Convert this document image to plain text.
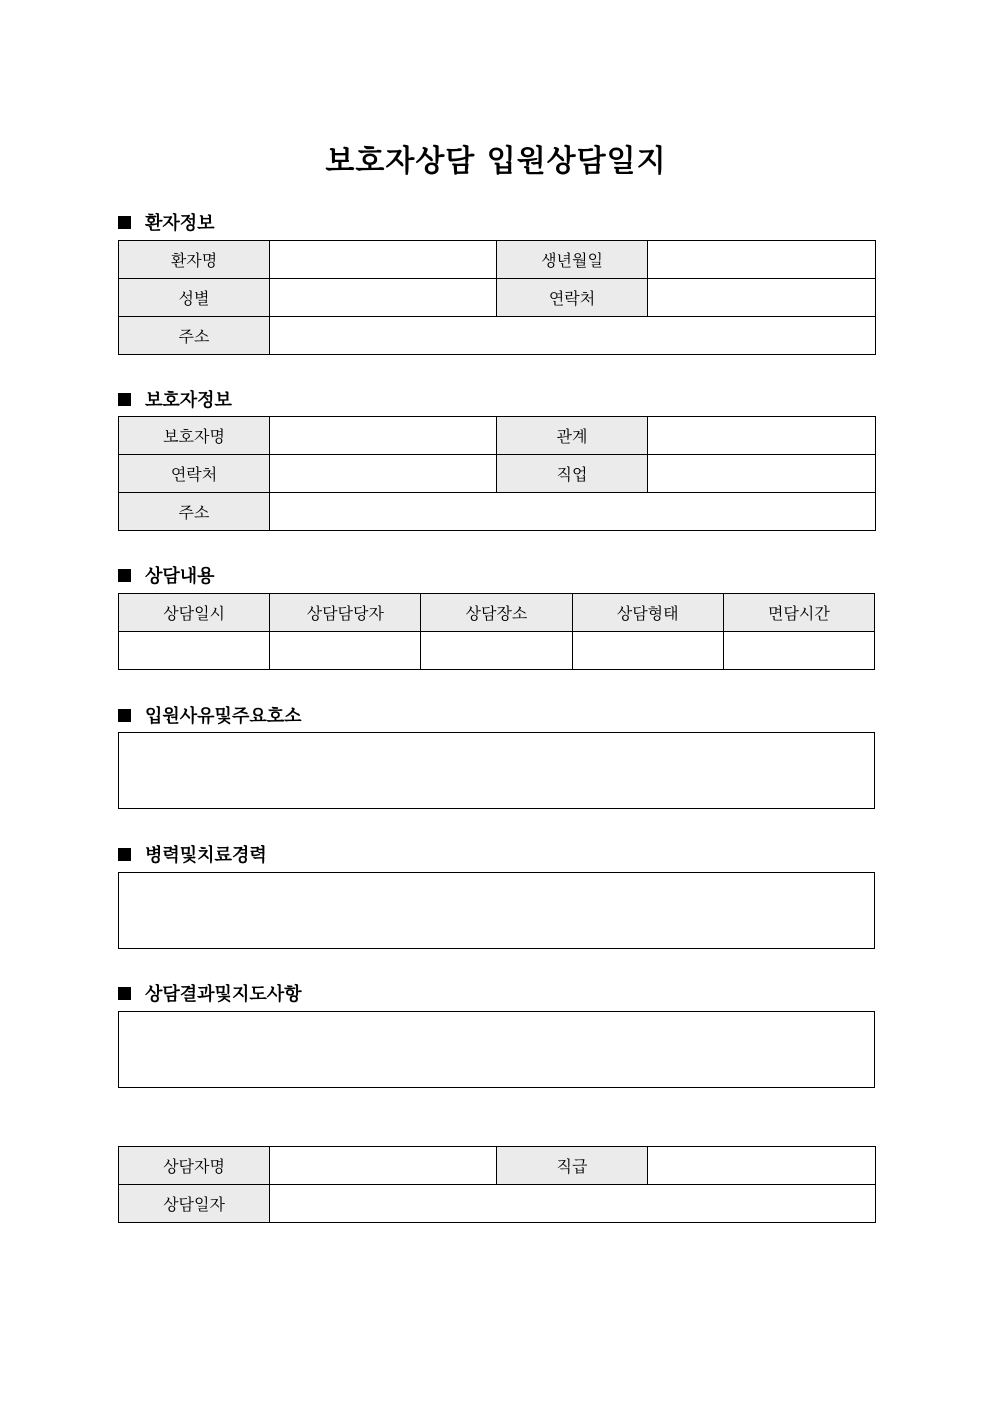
보호자상담 입원상담일지
환자정보
환자명		생년월일	
성별		연락처	
주소			
보호자정보
보호자명		관계	
연락처		직업	
주소			
상담내용
상담일시	상담담당자	상담장소	상담형태	면담시간

입원사유및주요호소
병력및치료경력
상담결과및지도사항
상담자명		직급	
상담일자			
